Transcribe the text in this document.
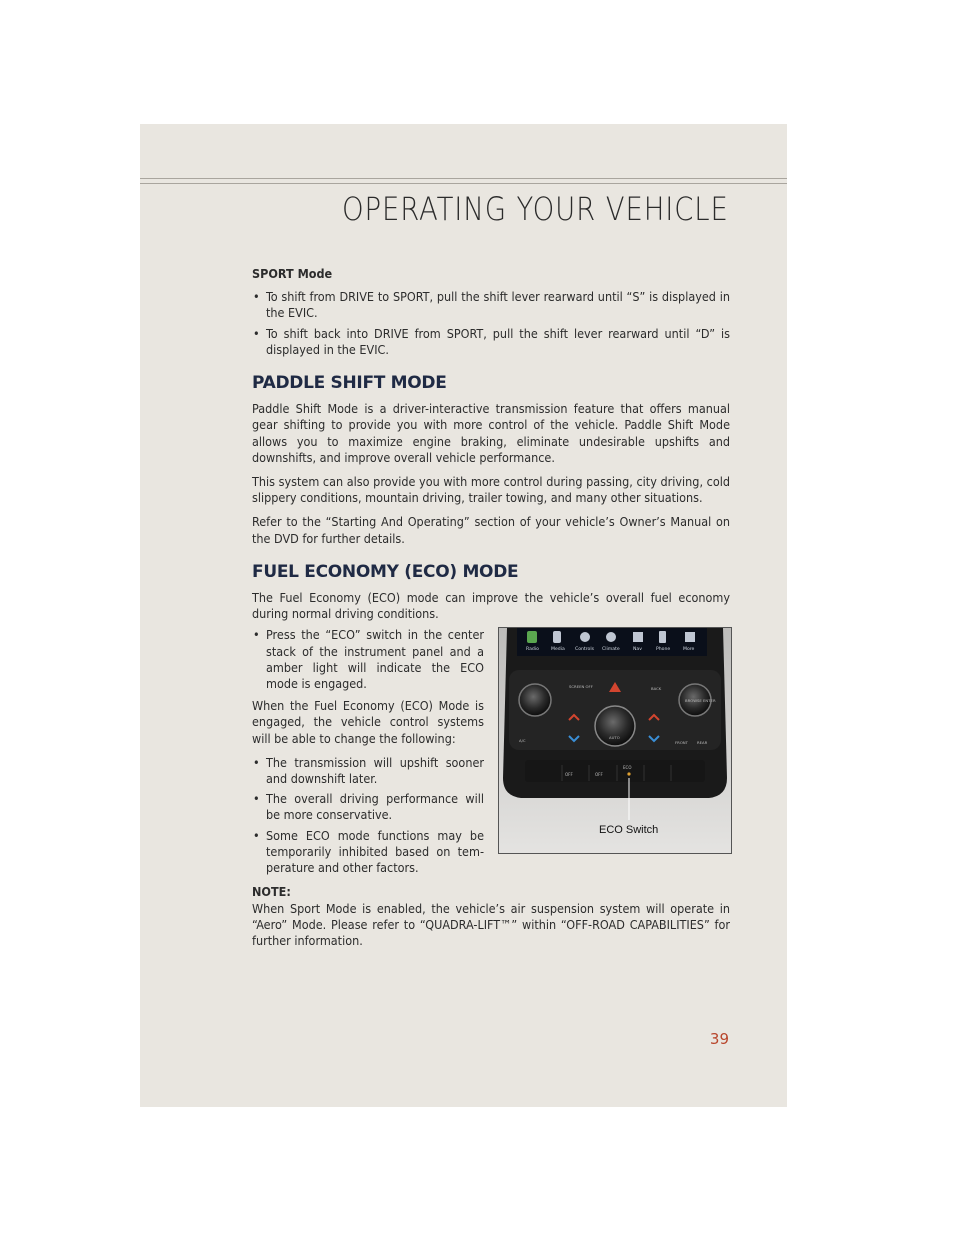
OPERATING YOUR VEHICLE
SPORT Mode
• To shift from DRIVE to SPORT, pull the shift lever rearward until “S” is displayed in the EVIC.
• To shift back into DRIVE from SPORT, pull the shift lever rearward until “D” is displayed in the EVIC.
PADDLE SHIFT MODE

Paddle Shift Mode is a driver-interactive transmission feature that offers manual gear shifting to provide you with more control of the vehicle. Paddle Shift Mode allows you to maximize engine braking, eliminate undesirable upshifts and downshifts, and improve overall vehicle performance.

This system can also provide you with more control during passing, city driving, cold slippery conditions, mountain driving, trailer towing, and many other situations.

Refer to the “Starting And Operating” section of your vehicle’s Owner’s Manual on the DVD for further details.

FUEL ECONOMY (ECO) MODE

The Fuel Economy (ECO) mode can improve the vehicle’s overall fuel economy during normal driving conditions.

• Press the “ECO” switch in the center stack of the instrument panel and a amber light will indicate the ECO mode is engaged.

When the Fuel Economy (ECO) Mode is engaged, the vehicle control systems will be able to change the following:

• The transmission will upshift sooner and downshift later.
• The overall driving performance will be more conservative.
• Some ECO mode functions may be temporarily inhibited based on temperature and other factors.
Radio	Media Controls Climate	Nav	Phone	More
SCREEN OFF	BACK
BROWSE ENTER
AUTO
A/C	FRONT REAR
OFF	OFF
ECO
ECO Switch
NOTE:

When Sport Mode is enabled, the vehicle’s air suspension system will operate in “Aero” Mode. Please refer to “QUADRA-LIFT™” within “OFF-ROAD CAPABILITIES” for further information.

39
